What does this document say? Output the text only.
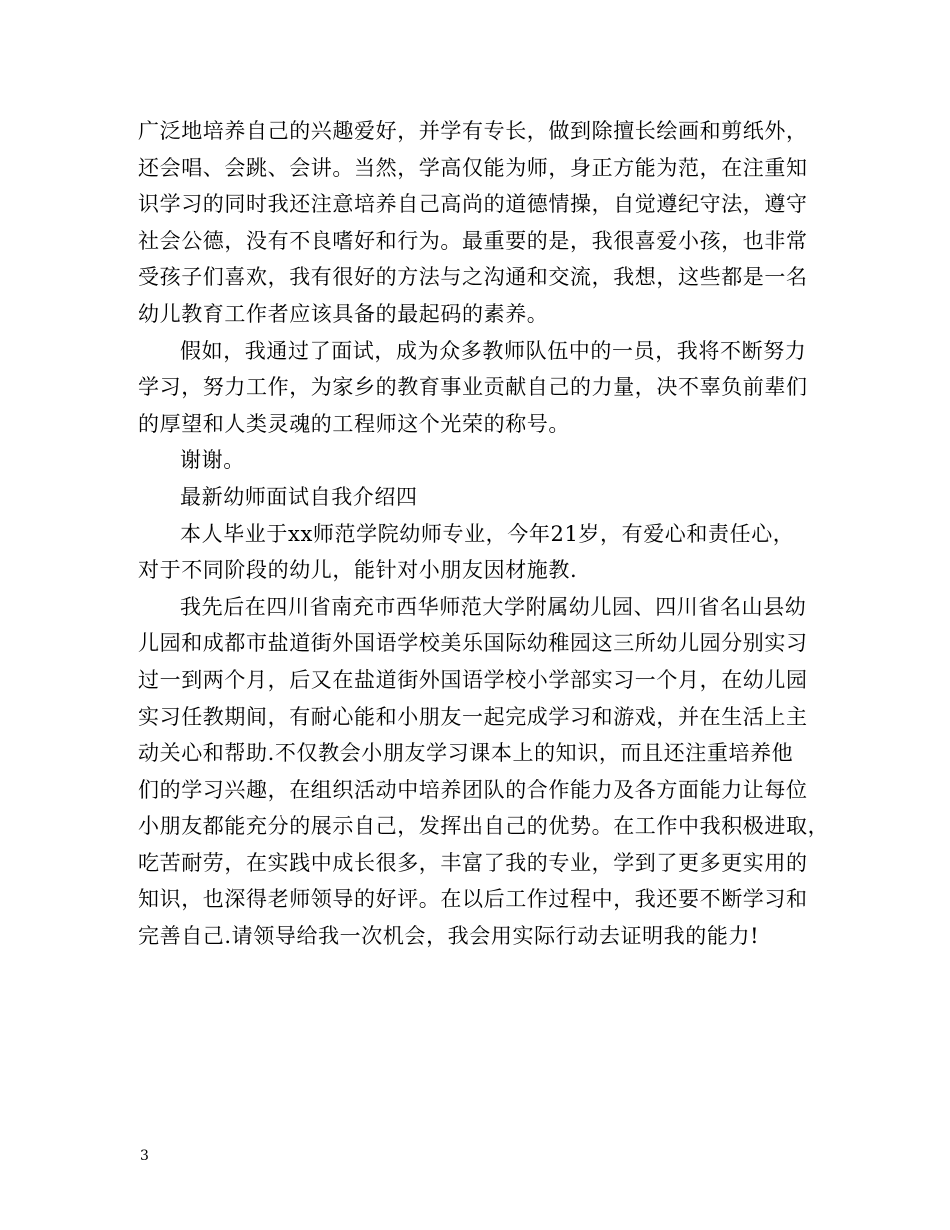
广泛地培养自己的兴趣爱好，并学有专长，做到除擅长绘画和剪纸外，
还会唱、会跳、会讲。当然，学高仅能为师，身正方能为范，在注重知
识学习的同时我还注意培养自己高尚的道德情操，自觉遵纪守法，遵守
社会公德，没有不良嗜好和行为。最重要的是，我很喜爱小孩，也非常
受孩子们喜欢，我有很好的方法与之沟通和交流，我想，这些都是一名
幼儿教育工作者应该具备的最起码的素养。
假如，我通过了面试，成为众多教师队伍中的一员，我将不断努力
学习，努力工作，为家乡的教育事业贡献自己的力量，决不辜负前辈们
的厚望和人类灵魂的工程师这个光荣的称号。
谢谢。
最新幼师面试自我介绍四
本人毕业于xx师范学院幼师专业，今年21岁，有爱心和责任心，
对于不同阶段的幼儿，能针对小朋友因材施教.
我先后在四川省南充市西华师范大学附属幼儿园、四川省名山县幼
儿园和成都市盐道街外国语学校美乐国际幼稚园这三所幼儿园分别实习
过一到两个月，后又在盐道街外国语学校小学部实习一个月，在幼儿园
实习任教期间，有耐心能和小朋友一起完成学习和游戏，并在生活上主
动关心和帮助.不仅教会小朋友学习课本上的知识，而且还注重培养他
们的学习兴趣，在组织活动中培养团队的合作能力及各方面能力让每位
小朋友都能充分的展示自己，发挥出自己的优势。在工作中我积极进取，
吃苦耐劳，在实践中成长很多，丰富了我的专业，学到了更多更实用的
知识，也深得老师领导的好评。在以后工作过程中，我还要不断学习和
完善自己.请领导给我一次机会，我会用实际行动去证明我的能力!
3
